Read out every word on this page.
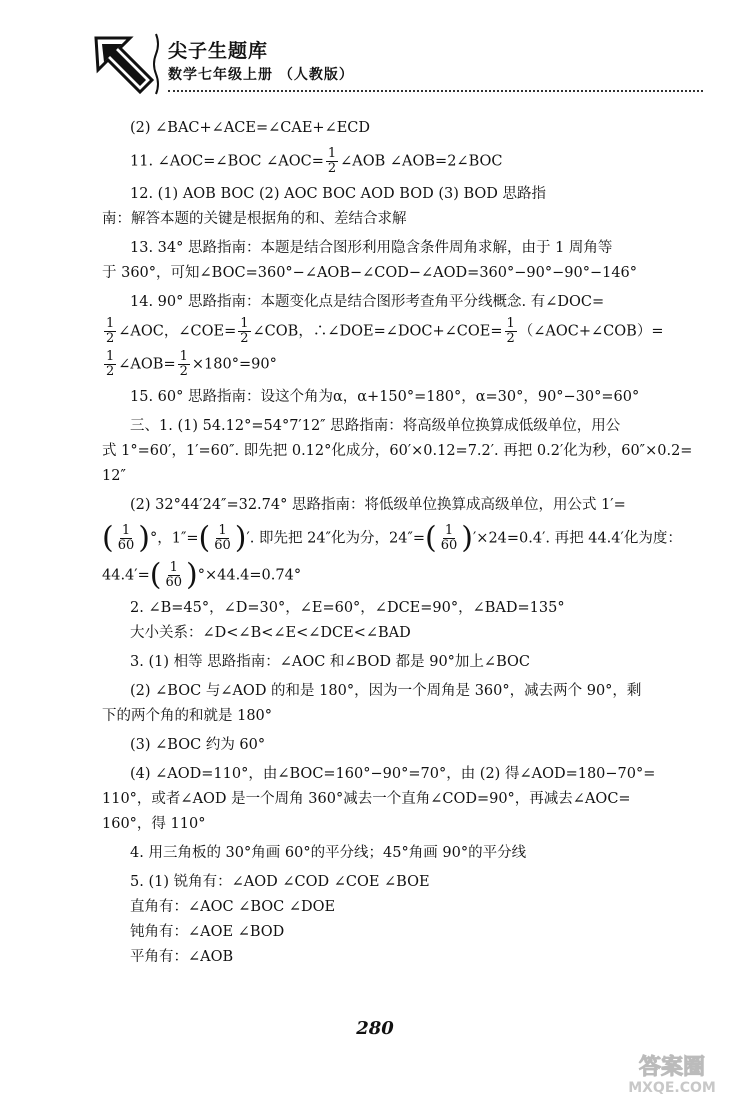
尖子生题库
数学七年级上册 （人教版）
(2) ∠BAC+∠ACE=∠CAE+∠ECD
11. ∠AOC=∠BOC ∠AOC= $\frac{1}{2}$ ∠AOB ∠AOB=2∠BOC
12. (1) AOB BOC (2) AOC BOC AOD BOD (3) BOD 思路指
南：解答本题的关键是根据角的和、差结合求解
13. 34° 思路指南：本题是结合图形利用隐含条件周角求解，由于 1 周角等
于 360°，可知∠BOC=360°−∠AOB−∠COD−∠AOD=360°−90°−90°−146°
14. 90° 思路指南：本题变化点是结合图形考查角平分线概念. 有∠DOC=
$\frac{1}{2}$ ∠AOC，∠COE= $\frac{1}{2}$ ∠COB，∴∠DOE=∠DOC+∠COE= $\frac{1}{2}$ （∠AOC+∠COB）=
$\frac{1}{2}$ ∠AOB= $\frac{1}{2} \times 180^\circ=90^\circ$
15. 60° 思路指南：设这个角为α，α+150°=180°，α=30°，90°−30°=60°
三、1. (1) 54.12°=54°7′12″ 思路指南：将高级单位换算成低级单位，用公
式 1°=60′，1′=60″. 即先把 0.12°化成分，60′×0.12=7.2′. 再把 0.2′化为秒，60″×0.2=
12″
(2) 32°44′24″=32.74° 思路指南：将低级单位换算成高级单位，用公式 1′=
( $\frac{1}{60}$ )°，$1''=( \frac{1}{60}$ )′. 即先把 24″化为分，$24''=( \frac{1}{60} )'\times 24=0.4'$. 再把 44.4′化为度：
$44.4'=( \frac{1}{60} )^\circ\times 44.4=0.74^\circ$
2. ∠B=45°，∠D=30°，∠E=60°，∠DCE=90°，∠BAD=135°
大小关系：∠D<∠B<∠E<∠DCE<∠BAD
3. (1) 相等 思路指南：∠AOC 和∠BOD 都是 90°加上∠BOC
(2) ∠BOC 与∠AOD 的和是 180°，因为一个周角是 360°，减去两个 90°，剩
下的两个角的和就是 180°
(3) ∠BOC 约为 60°
(4) ∠AOD=110°，由∠BOC=160°−90°=70°，由 (2) 得∠AOD=180−70°=
110°，或者∠AOD 是一个周角 360°减去一个直角∠COD=90°，再减去∠AOC=
160°，得 110°
4. 用三角板的 30°角画 60°的平分线；45°角画 90°的平分线
5. (1) 锐角有：∠AOD ∠COD ∠COE ∠BOE
直角有：∠AOC ∠BOC ∠DOE
钝角有：∠AOE ∠BOD
平角有：∠AOB
280
答案圈
MXQE.COM
